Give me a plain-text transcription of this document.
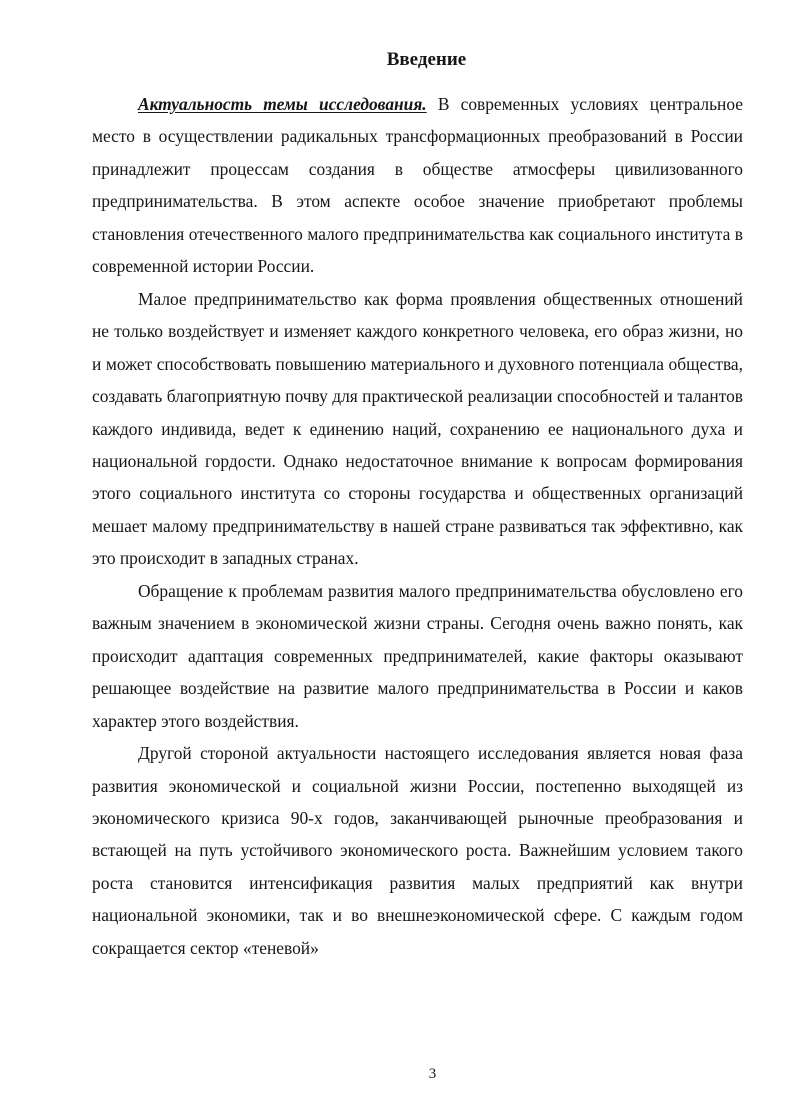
Введение

Актуальность темы исследования. В современных условиях центральное место в осуществлении радикальных трансформационных преобразований в России принадлежит процессам создания в обществе атмосферы цивилизованного предпринимательства. В этом аспекте особое значение приобретают проблемы становления отечественного малого предпринимательства как социального института в современной истории России.

Малое предпринимательство как форма проявления общественных отношений не только воздействует и изменяет каждого конкретного человека, его образ жизни, но и может способствовать повышению материального и духовного потенциала общества, создавать благоприятную почву для практической реализации способностей и талантов каждого индивида, ведет к единению наций, сохранению ее национального духа и национальной гордости. Однако недостаточное внимание к вопросам формирования этого социального института со стороны государства и общественных организаций мешает малому предпринимательству в нашей стране развиваться так эффективно, как это происходит в западных странах.

Обращение к проблемам развития малого предпринимательства обусловлено его важным значением в экономической жизни страны. Сегодня очень важно понять, как происходит адаптация современных предпринимателей, какие факторы оказывают решающее воздействие на развитие малого предпринимательства в России и каков характер этого воздействия.

Другой стороной актуальности настоящего исследования является новая фаза развития экономической и социальной жизни России, постепенно выходящей из экономического кризиса 90-х годов, заканчивающей рыночные преобразования и встающей на путь устойчивого экономического роста. Важнейшим условием такого роста становится интенсификация развития малых предприятий как внутри национальной экономики, так и во внешнеэкономической сфере. С каждым годом сокращается сектор «теневой»

3
